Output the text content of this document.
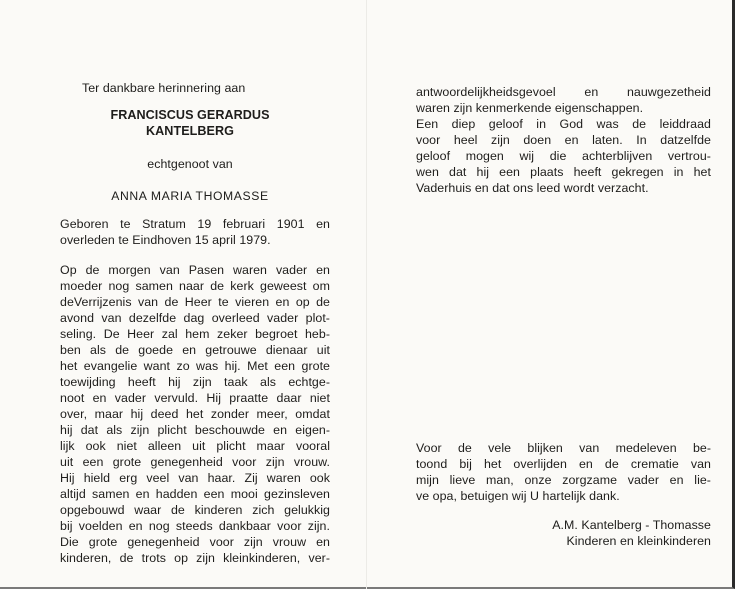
Ter dankbare herinnering aan
FRANCISCUS GERARDUS
KANTELBERG
echtgenoot van
ANNA MARIA THOMASSE
Geboren te Stratum 19 februari 1901 en
overleden te Eindhoven 15 april 1979.
Op de morgen van Pasen waren vader en
moeder nog samen naar de kerk geweest om
deVerrijzenis van de Heer te vieren en op de
avond van dezelfde dag overleed vader plot-
seling. De Heer zal hem zeker begroet heb-
ben als de goede en getrouwe dienaar uit
het evangelie want zo was hij. Met een grote
toewijding heeft hij zijn taak als echtge-
noot en vader vervuld. Hij praatte daar niet
over, maar hij deed het zonder meer, omdat
hij dat als zijn plicht beschouwde en eigen-
lijk ook niet alleen uit plicht maar vooral
uit een grote genegenheid voor zijn vrouw.
Hij hield erg veel van haar. Zij waren ook
altijd samen en hadden een mooi gezinsleven
opgebouwd waar de kinderen zich gelukkig
bij voelden en nog steeds dankbaar voor zijn.
Die grote genegenheid voor zijn vrouw en
kinderen, de trots op zijn kleinkinderen, ver-
antwoordelijkheidsgevoel en nauwgezetheid
waren zijn kenmerkende eigenschappen.
Een diep geloof in God was de leiddraad
voor heel zijn doen en laten. In datzelfde
geloof mogen wij die achterblijven vertrou-
wen dat hij een plaats heeft gekregen in het
Vaderhuis en dat ons leed wordt verzacht.
Voor de vele blijken van medeleven be-
toond bij het overlijden en de crematie van
mijn lieve man, onze zorgzame vader en lie-
ve opa, betuigen wij U hartelijk dank.
A.M. Kantelberg - Thomasse
Kinderen en kleinkinderen
